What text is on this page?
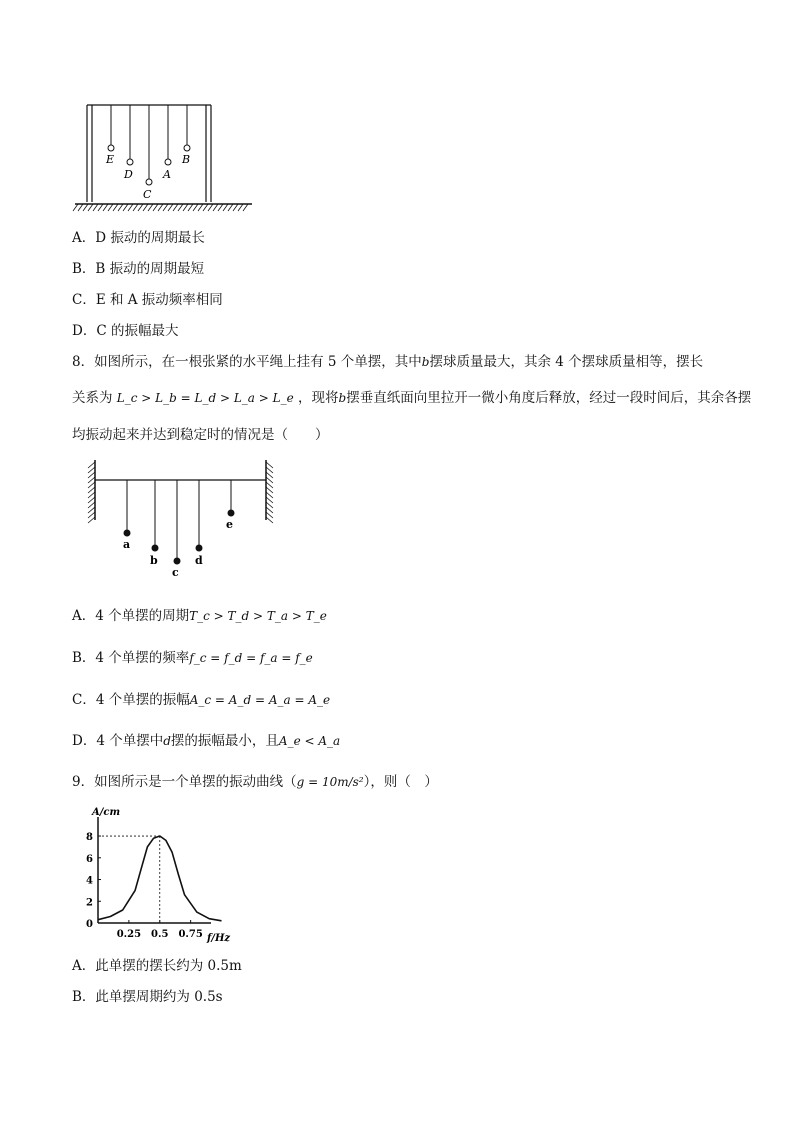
E
D
C
A
B
A．D 振动的周期最长
B．B 振动的周期最短
C．E 和 A 振动频率相同
D．C 的振幅最大
8．如图所示，在一根张紧的水平绳上挂有 5 个单摆，其中b摆球质量最大，其余 4 个摆球质量相等，摆长
关系为 L_c > L_b = L_d > L_a > L_e ，现将b摆垂直纸面向里拉开一微小角度后释放，经过一段时间后，其余各摆
均振动起来并达到稳定时的情况是（　　）
a
b
c
d
e
A．4 个单摆的周期T_c > T_d > T_a > T_e
B．4 个单摆的频率f_c = f_d = f_a = f_e
C．4 个单摆的振幅A_c = A_d = A_a = A_e
D．4 个单摆中d摆的振幅最小，且A_e < A_a
9．如图所示是一个单摆的振动曲线（g = 10m/s²），则（　）
0
2
4
6
8
0.25 0.5 0.75
A/cm
f/Hz
A．此单摆的摆长约为 0.5m
B．此单摆周期约为 0.5s
